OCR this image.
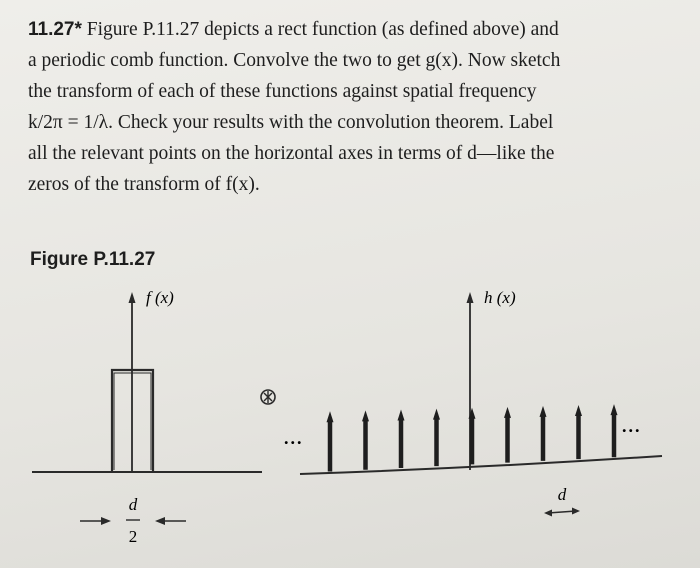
11.27* Figure P.11.27 depicts a rect function (as defined above) and
a periodic comb function. Convolve the two to get g(x). Now sketch
the transform of each of these functions against spatial frequency
k/2π = 1/λ. Check your results with the convolution theorem. Label
all the relevant points on the horizontal axes in terms of d—like the
zeros of the transform of f(x).
Figure P.11.27
f (x)
d
2
h (x)
...
...
d
